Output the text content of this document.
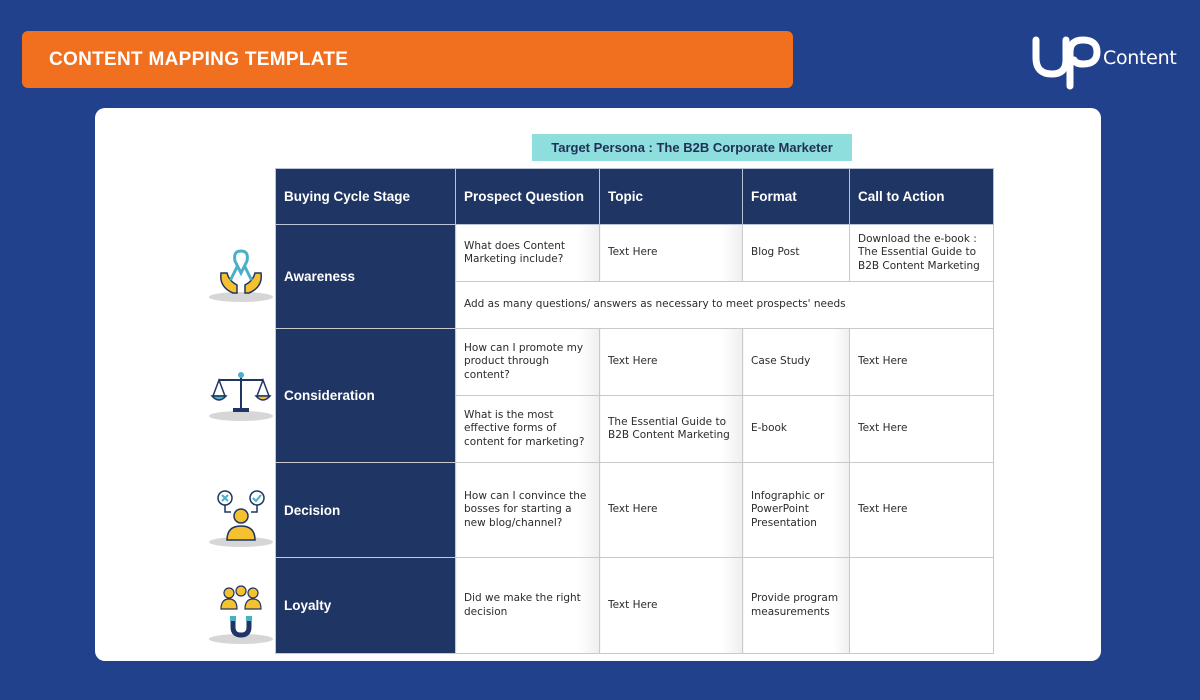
CONTENT MAPPING TEMPLATE	Content
Target Persona : The B2B Corporate Marketer
Buying Cycle Stage	Prospect Question	Topic	Format	Call to Action
Awareness	What does Content Marketing include?	Text Here	Blog Post	Download the e-book : The Essential Guide to B2B Content Marketing
	Add as many questions/ answers as necessary to meet prospects' needs			
Consideration	How can I promote my product through content?	Text Here	Case Study	Text Here
	What is the most effective forms of content for marketing?	The Essential Guide to B2B Content Marketing	E-book	Text Here
Decision	How can I convince the bosses for starting a new blog/channel?	Text Here	Infographic or PowerPoint Presentation	Text Here
Loyalty	Did we make the right decision	Text Here	Provide program measurements	
